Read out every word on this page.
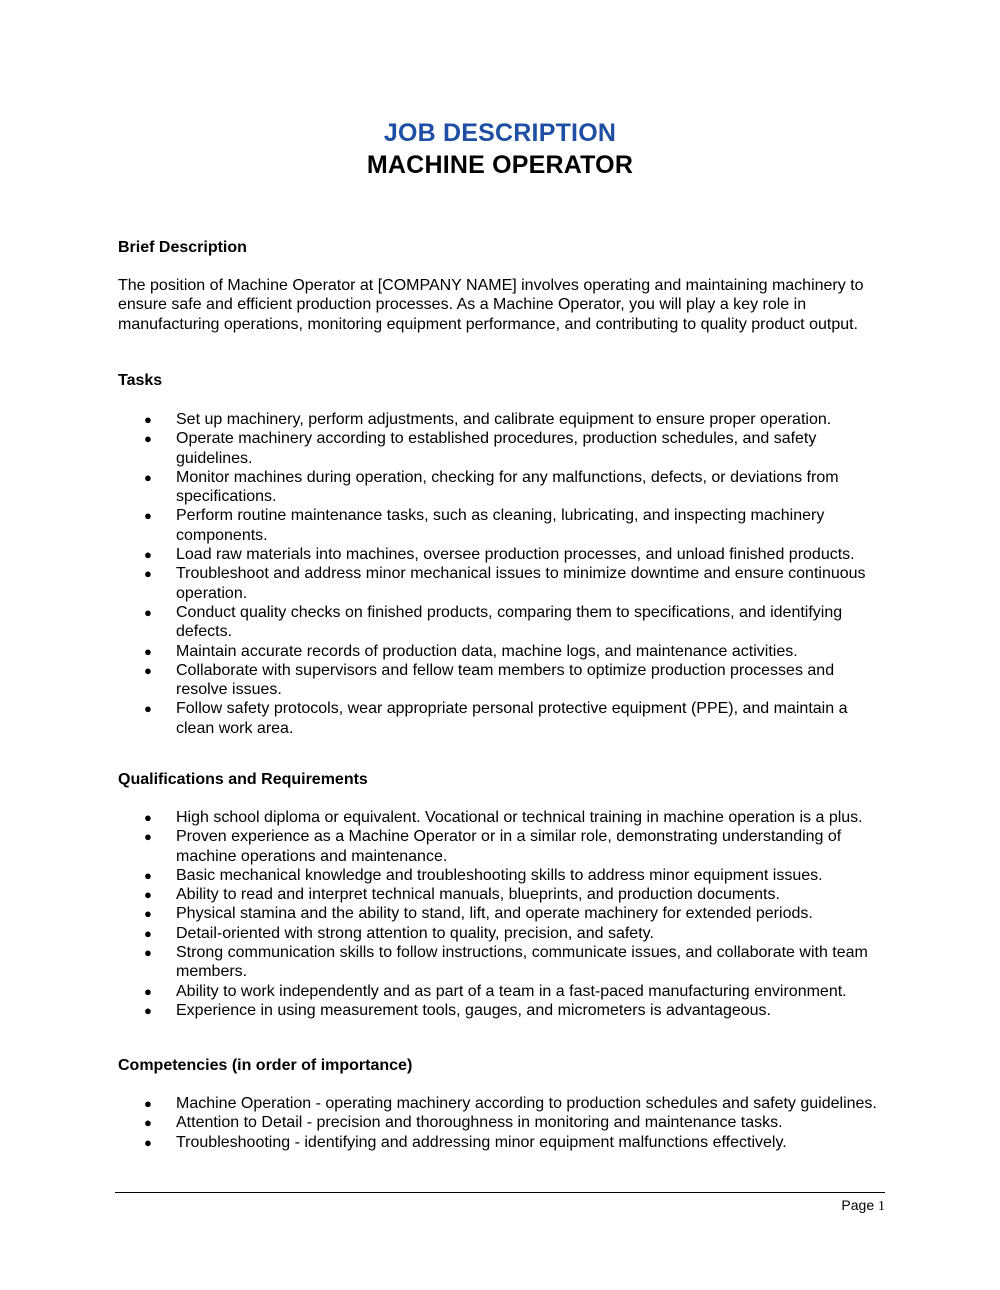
JOB DESCRIPTION
MACHINE OPERATOR
Brief Description

The position of Machine Operator at [COMPANY NAME] involves operating and maintaining machinery to ensure safe and efficient production processes. As a Machine Operator, you will play a key role in manufacturing operations, monitoring equipment performance, and contributing to quality product output.

Tasks
● Set up machinery, perform adjustments, and calibrate equipment to ensure proper operation.
● Operate machinery according to established procedures, production schedules, and safety guidelines.
● Monitor machines during operation, checking for any malfunctions, defects, or deviations from specifications.
● Perform routine maintenance tasks, such as cleaning, lubricating, and inspecting machinery components.
● Load raw materials into machines, oversee production processes, and unload finished products.
● Troubleshoot and address minor mechanical issues to minimize downtime and ensure continuous operation.
● Conduct quality checks on finished products, comparing them to specifications, and identifying defects.
● Maintain accurate records of production data, machine logs, and maintenance activities.
● Collaborate with supervisors and fellow team members to optimize production processes and resolve issues.
● Follow safety protocols, wear appropriate personal protective equipment (PPE), and maintain a clean work area.
Qualifications and Requirements
● High school diploma or equivalent. Vocational or technical training in machine operation is a plus.
● Proven experience as a Machine Operator or in a similar role, demonstrating understanding of machine operations and maintenance.
● Basic mechanical knowledge and troubleshooting skills to address minor equipment issues.
● Ability to read and interpret technical manuals, blueprints, and production documents.
● Physical stamina and the ability to stand, lift, and operate machinery for extended periods.
● Detail-oriented with strong attention to quality, precision, and safety.
● Strong communication skills to follow instructions, communicate issues, and collaborate with team members.
● Ability to work independently and as part of a team in a fast-paced manufacturing environment.
● Experience in using measurement tools, gauges, and micrometers is advantageous.
Competencies (in order of importance)
● Machine Operation - operating machinery according to production schedules and safety guidelines.
● Attention to Detail - precision and thoroughness in monitoring and maintenance tasks.
● Troubleshooting - identifying and addressing minor equipment malfunctions effectively.
Page 1
